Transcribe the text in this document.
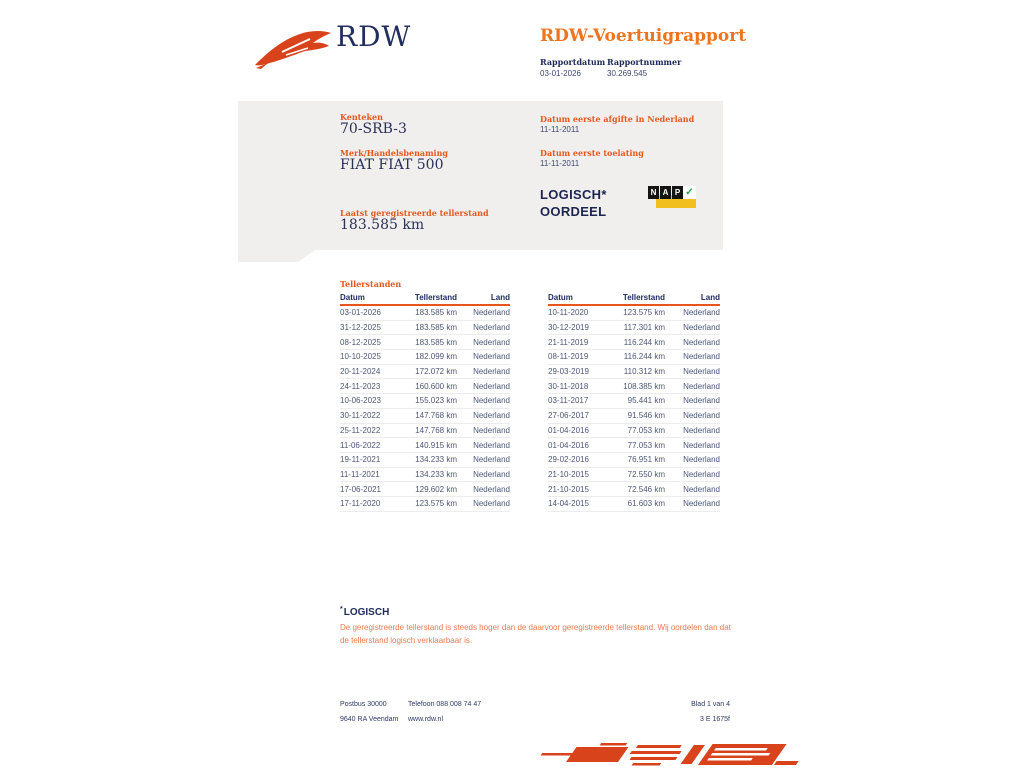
RDW	RDW-Voertuigrapport
Rapportdatum Rapportnummer
03-01-2026	30.269.545
Kenteken
70-SRB-3
Merk/Handelsbenaming
FIAT FIAT 500
Laatst geregistreerde tellerstand
183.585 km
Datum eerste afgifte in Nederland
11-11-2011
Datum eerste toelating
11-11-2011
LOGISCH*
OORDEEL
N A P ✓
Tellerstanden
Datum	Tellerstand	Land
03-01-2026	183.585 km	Nederland
31-12-2025	183.585 km	Nederland
08-12-2025	183.585 km	Nederland
10-10-2025	182.099 km	Nederland
20-11-2024	172.072 km	Nederland
24-11-2023	160.600 km	Nederland
10-06-2023	155.023 km	Nederland
30-11-2022	147.768 km	Nederland
25-11-2022	147.768 km	Nederland
11-06-2022	140.915 km	Nederland
19-11-2021	134.233 km	Nederland
11-11-2021	134.233 km	Nederland
17-06-2021	129.602 km	Nederland
17-11-2020	123.575 km	Nederland
Datum	Tellerstand	Land
10-11-2020	123.575 km	Nederland
30-12-2019	117.301 km	Nederland
21-11-2019	116.244 km	Nederland
08-11-2019	116.244 km	Nederland
29-03-2019	110.312 km	Nederland
30-11-2018	108.385 km	Nederland
03-11-2017	95.441 km	Nederland
27-06-2017	91.546 km	Nederland
01-04-2016	77.053 km	Nederland
01-04-2016	77.053 km	Nederland
29-02-2016	76.951 km	Nederland
21-10-2015	72.550 km	Nederland
21-10-2015	72.546 km	Nederland
14-04-2015	61.603 km	Nederland
*LOGISCH
De geregistreerde tellerstand is steeds hoger dan de daarvoor geregistreerde tellerstand. Wij oordelen dan dat de tellerstand logisch verklaarbaar is.
Postbus 30000
9640 RA Veendam
Telefoon 088 008 74 47
www.rdw.nl
Blad 1 van 4
3 E 1675f
